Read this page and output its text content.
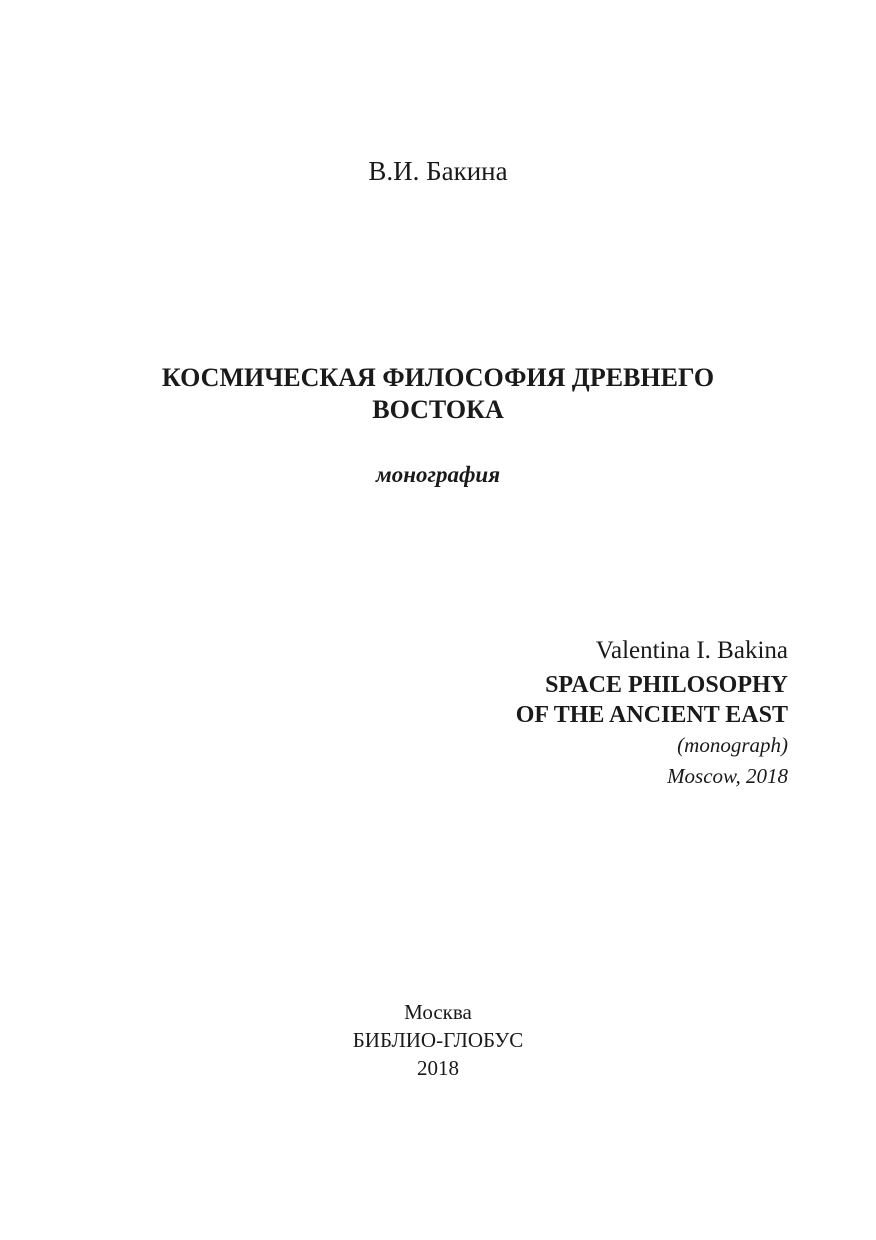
В.И. Бакина
КОСМИЧЕСКАЯ ФИЛОСОФИЯ ДРЕВНЕГО
ВОСТОКА
монография
Valentina I. Bakina
SPACE PHILOSOPHY
OF THE ANCIENT EAST
(monograph)
Moscow, 2018
Москва
БИБЛИО-ГЛОБУС
2018
